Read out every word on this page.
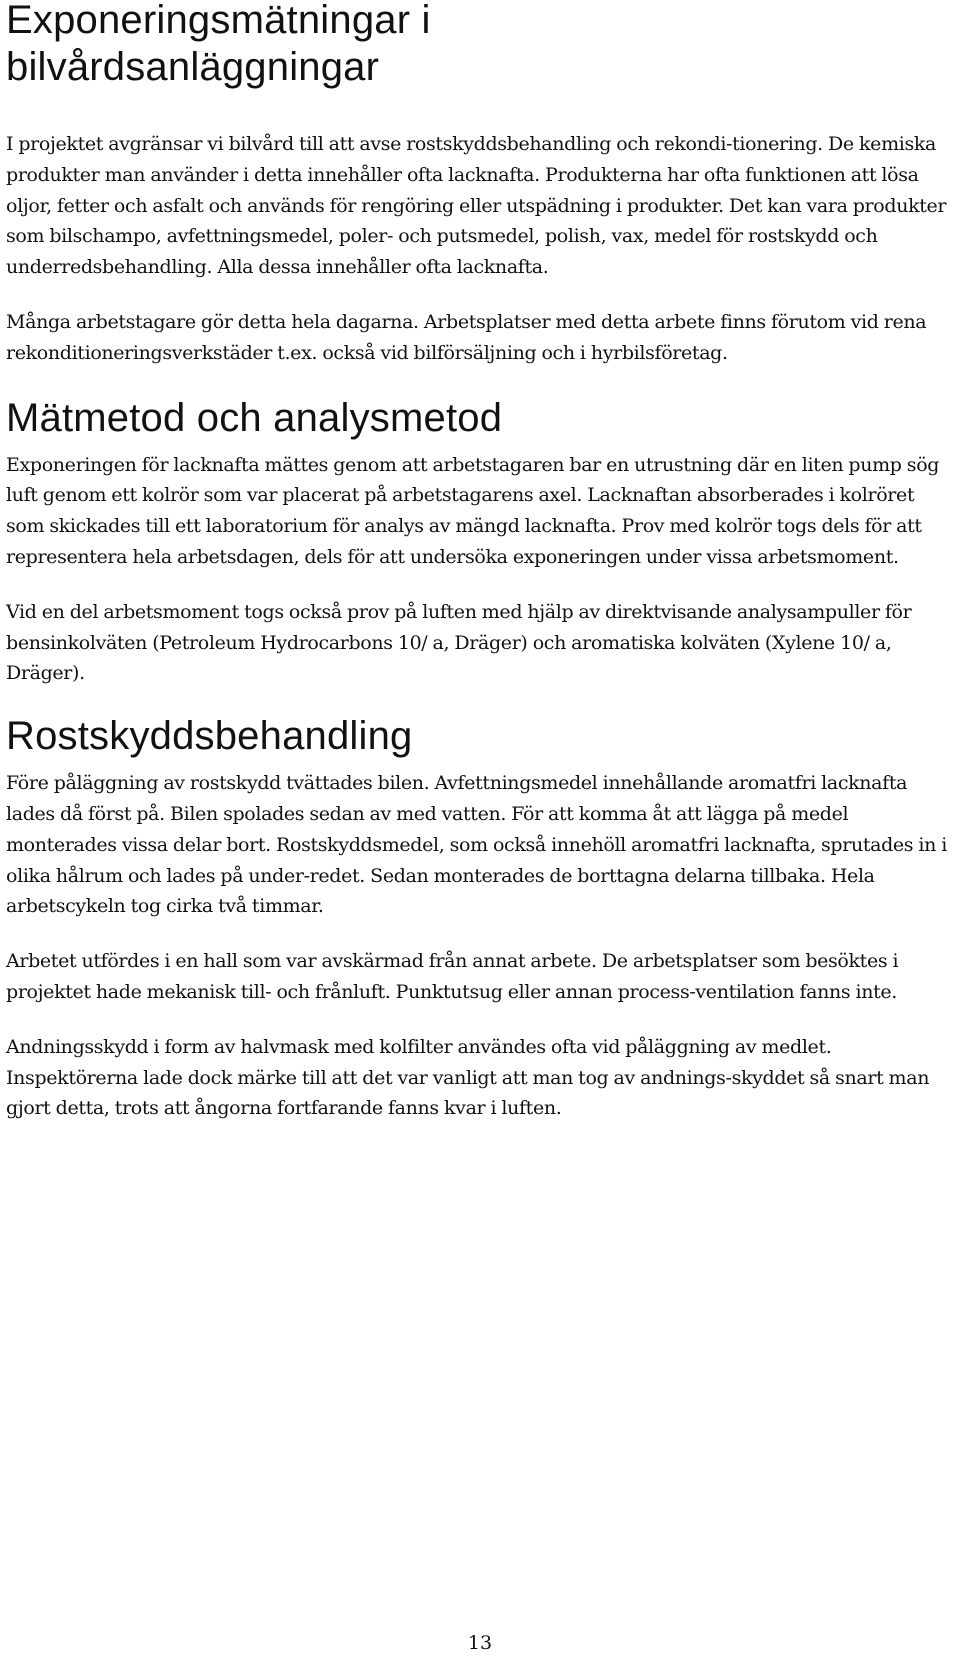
Exponeringsmätningar i
bilvårdsanläggningar

I projektet avgränsar vi bilvård till att avse rostskyddsbehandling och rekondi-tionering. De kemiska produkter man använder i detta innehåller ofta lacknafta. Produkterna har ofta funktionen att lösa oljor, fetter och asfalt och används för rengöring eller utspädning i produkter. Det kan vara produkter som bilschampo, avfettningsmedel, poler- och putsmedel, polish, vax, medel för rostskydd och underredsbehandling. Alla dessa innehåller ofta lacknafta.

Många arbetstagare gör detta hela dagarna. Arbetsplatser med detta arbete finns förutom vid rena rekonditioneringsverkstäder t.ex. också vid bilförsäljning och i hyrbilsföretag.

Mätmetod och analysmetod

Exponeringen för lacknafta mättes genom att arbetstagaren bar en utrustning där en liten pump sög luft genom ett kolrör som var placerat på arbetstagarens axel. Lacknaftan absorberades i kolröret som skickades till ett laboratorium för analys av mängd lacknafta. Prov med kolrör togs dels för att representera hela arbetsdagen, dels för att undersöka exponeringen under vissa arbetsmoment.

Vid en del arbetsmoment togs också prov på luften med hjälp av direktvisande analysampuller för bensinkolväten (Petroleum Hydrocarbons 10/ a, Dräger) och aromatiska kolväten (Xylene 10/ a, Dräger).

Rostskyddsbehandling

Före påläggning av rostskydd tvättades bilen. Avfettningsmedel innehållande aromatfri lacknafta lades då först på. Bilen spolades sedan av med vatten. För att komma åt att lägga på medel monterades vissa delar bort. Rostskyddsmedel, som också innehöll aromatfri lacknafta, sprutades in i olika hålrum och lades på under-redet. Sedan monterades de borttagna delarna tillbaka. Hela arbetscykeln tog cirka två timmar.

Arbetet utfördes i en hall som var avskärmad från annat arbete. De arbetsplatser som besöktes i projektet hade mekanisk till- och frånluft. Punktutsug eller annan process-ventilation fanns inte.

Andningsskydd i form av halvmask med kolfilter användes ofta vid påläggning av medlet. Inspektörerna lade dock märke till att det var vanligt att man tog av andnings-skyddet så snart man gjort detta, trots att ångorna fortfarande fanns kvar i luften.

13
